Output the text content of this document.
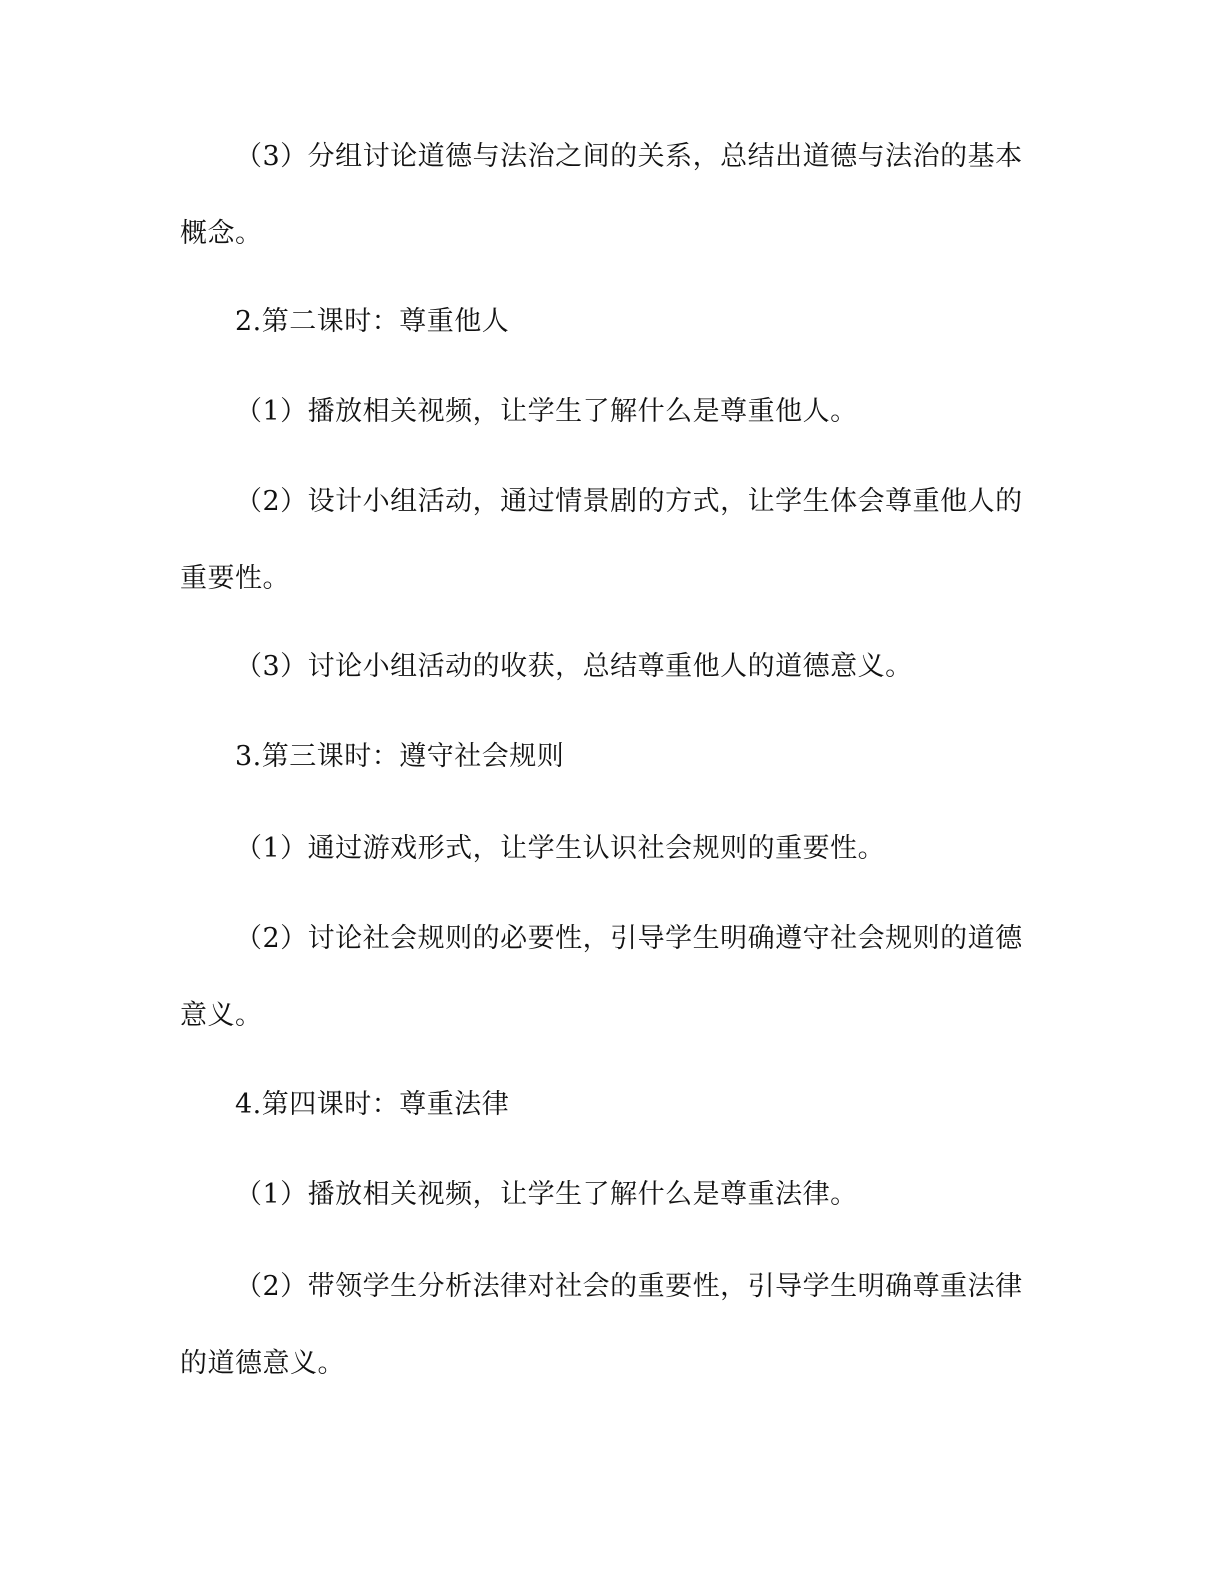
（3）分组讨论道德与法治之间的关系，总结出道德与法治的基本概念。

2.第二课时：尊重他人

（1）播放相关视频，让学生了解什么是尊重他人。

（2）设计小组活动，通过情景剧的方式，让学生体会尊重他人的重要性。

（3）讨论小组活动的收获，总结尊重他人的道德意义。

3.第三课时：遵守社会规则

（1）通过游戏形式，让学生认识社会规则的重要性。

（2）讨论社会规则的必要性，引导学生明确遵守社会规则的道德意义。

4.第四课时：尊重法律

（1）播放相关视频，让学生了解什么是尊重法律。

（2）带领学生分析法律对社会的重要性，引导学生明确尊重法律的道德意义。
